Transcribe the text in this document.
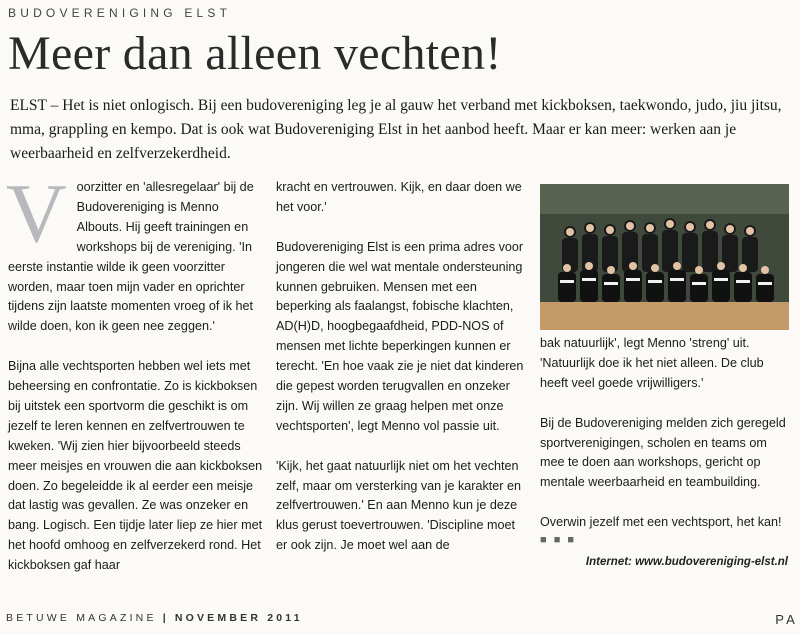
BUDOVERENIGING ELST
Meer dan alleen vechten!

ELST – Het is niet onlogisch. Bij een budovereniging leg je al gauw het verband met kickboksen, taekwondo, judo, jiu jitsu, mma, grappling en kempo. Dat is ook wat Budovereniging Elst in het aanbod heeft. Maar er kan meer: werken aan je weerbaarheid en zelfverzekerdheid.

Voorzitter en 'allesregelaar' bij de Budovereniging is Menno Albouts. Hij geeft trainingen en workshops bij de vereniging. 'In eerste instantie wilde ik geen voorzitter worden, maar toen mijn vader en oprichter tijdens zijn laatste momenten vroeg of ik het wilde doen, kon ik geen nee zeggen.'

Bijna alle vechtsporten hebben wel iets met beheersing en confrontatie. Zo is kickboksen bij uitstek een sportvorm die geschikt is om jezelf te leren kennen en zelfvertrouwen te kweken. 'Wij zien hier bijvoorbeeld steeds meer meisjes en vrouwen die aan kickboksen doen. Zo begeleidde ik al eerder een meisje dat lastig was gevallen. Ze was onzeker en bang. Logisch. Een tijdje later liep ze hier met het hoofd omhoog en zelfverzekerd rond. Het kickboksen gaf haar

kracht en vertrouwen. Kijk, en daar doen we het voor.'

Budovereniging Elst is een prima adres voor jongeren die wel wat mentale ondersteuning kunnen gebruiken. Mensen met een beperking als faalangst, fobische klachten, AD(H)D, hoogbegaafdheid, PDD-NOS of mensen met lichte beperkingen kunnen er terecht. 'En hoe vaak zie je niet dat kinderen die gepest worden terugvallen en onzeker zijn. Wij willen ze graag helpen met onze vechtsporten', legt Menno vol passie uit.

'Kijk, het gaat natuurlijk niet om het vechten zelf, maar om versterking van je karakter en zelfvertrouwen.' En aan Menno kun je deze klus gerust toevertrouwen. 'Discipline moet er ook zijn. Je moet wel aan de

bak natuurlijk', legt Menno 'streng' uit. 'Natuurlijk doe ik het niet alleen. De club heeft veel goede vrijwilligers.'

Bij de Budovereniging melden zich geregeld sportverenigingen, scholen en teams om mee te doen aan workshops, gericht op mentale weerbaarheid en teambuilding.

Overwin jezelf met een vechtsport, het kan!

■ ■ ■
Internet: www.budovereniging-elst.nl
BETUWE MAGAZINE | NOVEMBER 2011	PA
